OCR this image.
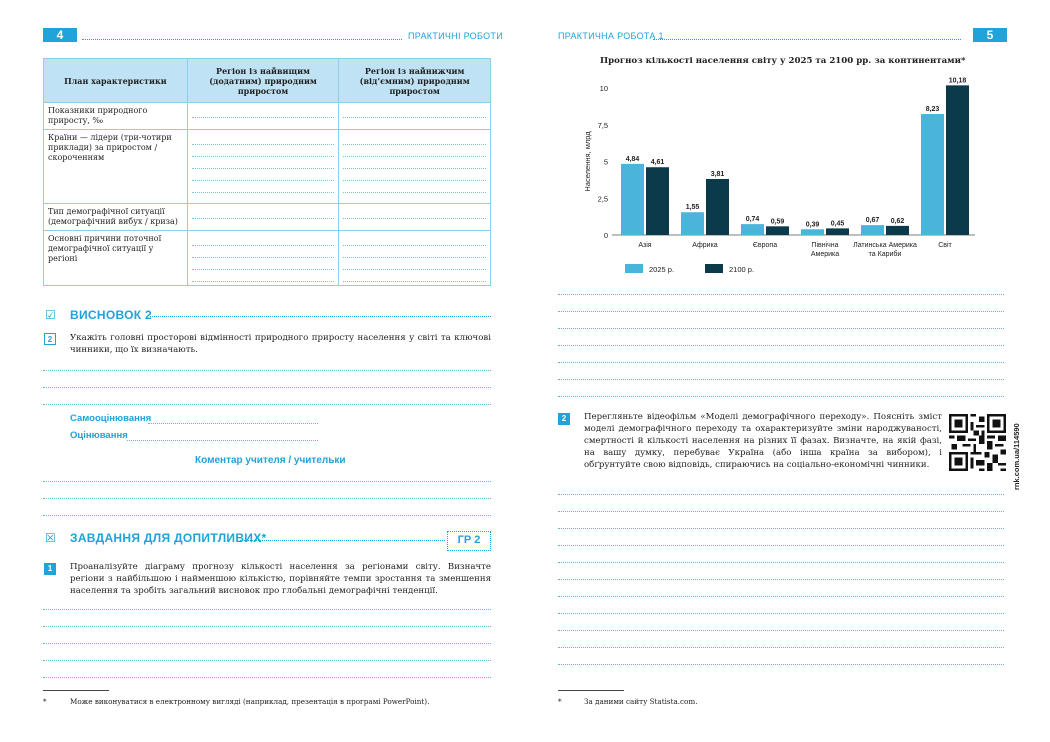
4	ПРАКТИЧНІ РОБОТИ
План характеристики	Регіон із найвищим (додатним) природним приростом	Регіон із найнижчим (від’ємним) природним приростом
Показники природного приросту, ‰	

Країни — лідери (три-чотири приклади) за приростом / скороченням	

Тип демографічної ситуації (демографічний вибух / криза)	

Основні причини поточної демографічної ситуації у регіоні	

☑ ВИСНОВОК 2
2	Укажіть головні просторові відмінності природного приросту населення у світі та ключові чинники, що їх визначають.
Самооцінювання
Оцінювання
Коментар учителя / учительки
☒ ЗАВДАННЯ ДЛЯ ДОПИТЛИВИХ*	ГР 2
1	Проаналізуйте діаграму прогнозу кількості населення за регіонами світу. Визначте регіони з найбільшою і найменшою кількістю, порівняйте темпи зростання та зменшення населення та зробіть загальний висновок про глобальні демографічні тенденції.
*	Може виконуватися в електронному вигляді (наприклад, презентація в програмі PowerPoint).
ПРАКТИЧНА РОБОТА 1	5
Прогноз кількості населення світу у 2025 та 2100 рр. за континентами*
Населення, млрд
0
2,5
5
7,5
10
4,84 4,61
Азія
1,55
3,81
Африка
0,74 0,59
Європа
0,39 0,45
Північна
Америка
0,67 0,62
Латинська Америка
та Кариби
8,23
10,18
Світ
2025 р.	2100 р.
2	Перегляньте відеофільм «Моделі демографічного переходу». Поясніть зміст моделі демографічного переходу та охарактеризуйте зміни народжуваності, смертності й кількості населення на різних її фазах. Визначте, на якій фазі, на вашу думку, перебуває Україна (або інша країна за вибором), і обґрунтуйте свою відповідь, спираючись на соціально-економічні чинники.	rnk.com.ua/114590
*	За даними сайту Statista.com.
